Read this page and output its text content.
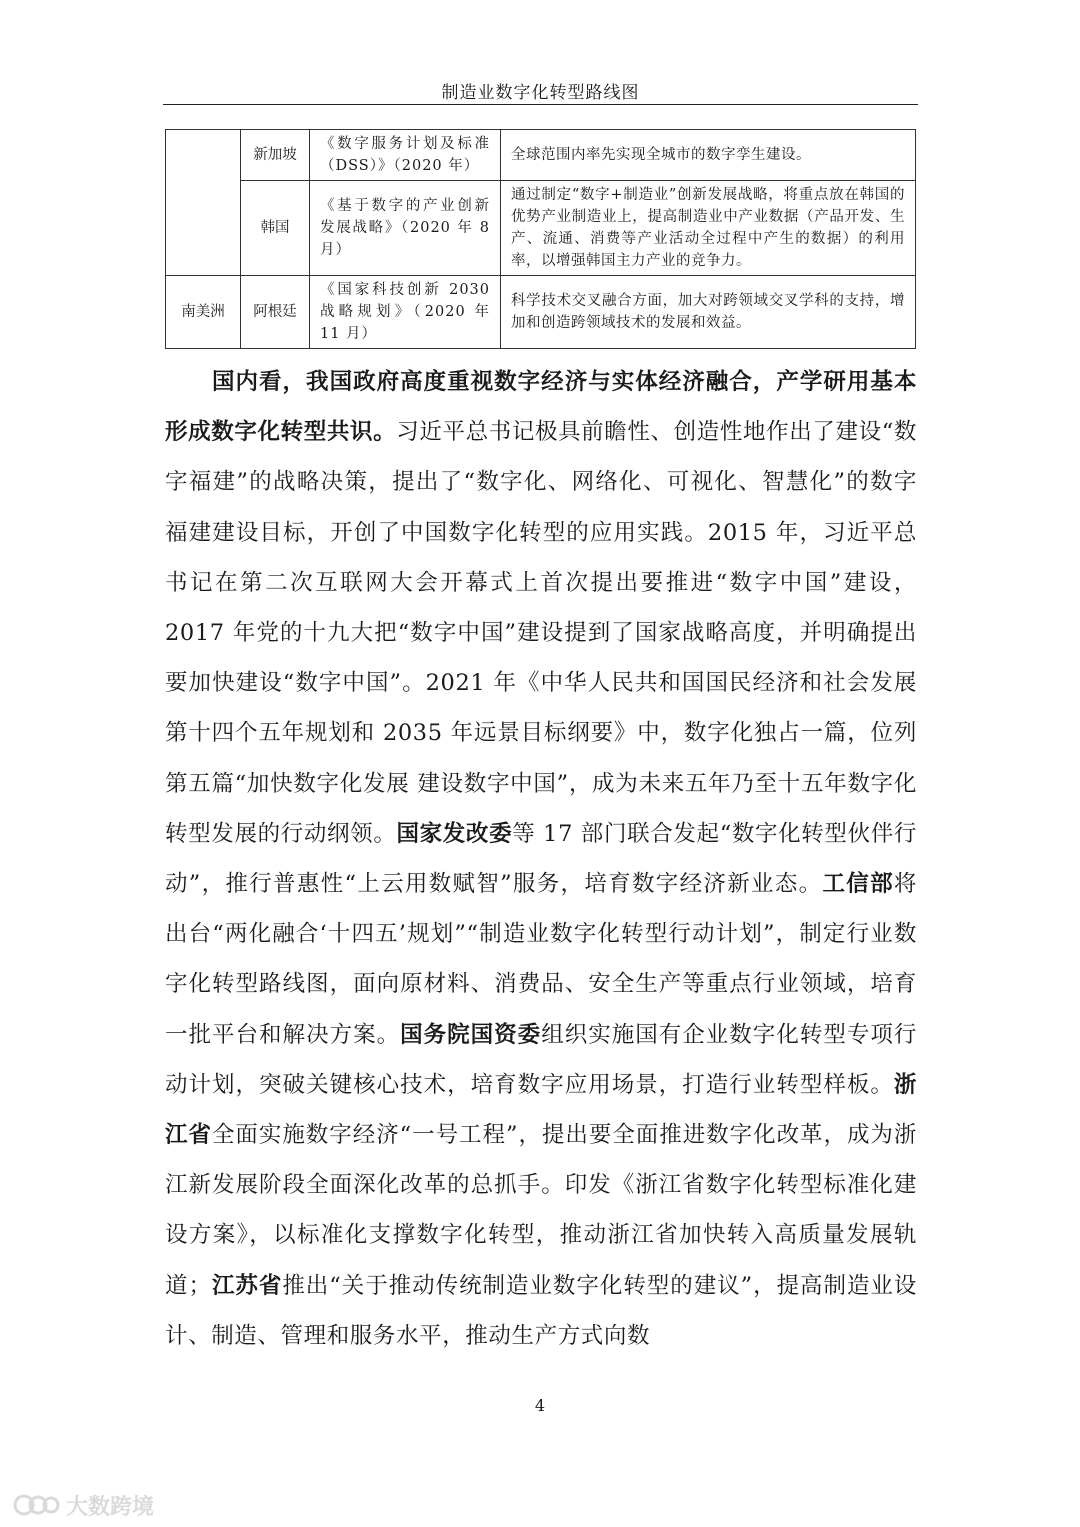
制造业数字化转型路线图
	新加坡	《数字服务计划及标准（DSS）》（2020 年）	全球范围内率先实现全城市的数字孪生建设。
	韩国	《基于数字的产业创新发展战略》（2020 年 8 月）	通过制定“数字+制造业”创新发展战略，将重点放在韩国的优势产业制造业上，提高制造业中产业数据（产品开发、生产、流通、消费等产业活动全过程中产生的数据）的利用率，以增强韩国主力产业的竞争力。
南美洲	阿根廷	《国家科技创新 2030 战略规划》（2020 年 11 月）	科学技术交叉融合方面，加大对跨领域交叉学科的支持，增加和创造跨领域技术的发展和效益。

国内看，我国政府高度重视数字经济与实体经济融合，产学研用基本形成数字化转型共识。习近平总书记极具前瞻性、创造性地作出了建设“数字福建”的战略决策，提出了“数字化、网络化、可视化、智慧化”的数字福建建设目标，开创了中国数字化转型的应用实践。2015 年，习近平总书记在第二次互联网大会开幕式上首次提出要推进“数字中国”建设，2017 年党的十九大把“数字中国”建设提到了国家战略高度，并明确提出要加快建设“数字中国”。2021 年《中华人民共和国国民经济和社会发展第十四个五年规划和 2035 年远景目标纲要》中，数字化独占一篇，位列第五篇“加快数字化发展 建设数字中国”，成为未来五年乃至十五年数字化转型发展的行动纲领。国家发改委等 17 部门联合发起“数字化转型伙伴行动”，推行普惠性“上云用数赋智”服务，培育数字经济新业态。工信部将出台“两化融合‘十四五’规划”“制造业数字化转型行动计划”，制定行业数字化转型路线图，面向原材料、消费品、安全生产等重点行业领域，培育一批平台和解决方案。国务院国资委组织实施国有企业数字化转型专项行动计划，突破关键核心技术，培育数字应用场景，打造行业转型样板。浙江省全面实施数字经济“一号工程”，提出要全面推进数字化改革，成为浙江新发展阶段全面深化改革的总抓手。印发《浙江省数字化转型标准化建设方案》，以标准化支撑数字化转型，推动浙江省加快转入高质量发展轨道；江苏省推出“关于推动传统制造业数字化转型的建议”，提高制造业设计、制造、管理和服务水平，推动生产方式向数

4
大数跨境
